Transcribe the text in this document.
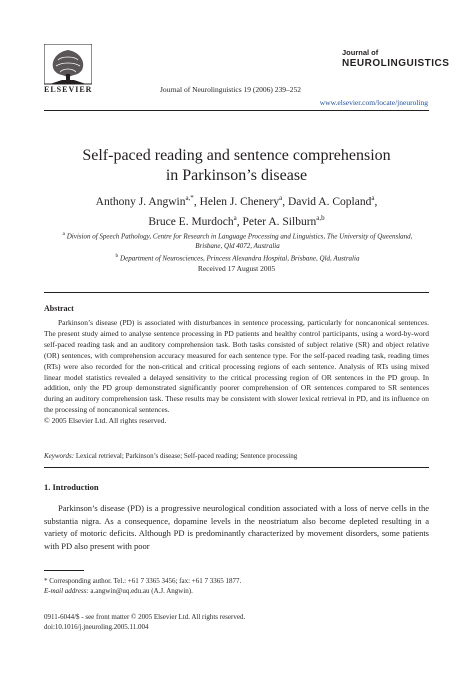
ELSEVIER	Journal of Neurolinguistics 19 (2006) 239–252
Journal of
NEUROLINGUISTICS
www.elsevier.com/locate/jneuroling
Self-paced reading and sentence comprehension
in Parkinson’s disease
Anthony J. Angwin$^{a,*}$, Helen J. Chenery$^a$, David A. Copland$^a$,
Bruce E. Murdoch$^a$, Peter A. Silburn$^{a,b}$
$^a$ Division of Speech Pathology, Centre for Research in Language Processing and Linguistics, The University of Queensland, Brisbane, Qld 4072, Australia
$^b$ Department of Neurosciences, Princess Alexandra Hospital, Brisbane, Qld, Australia
Received 17 August 2005
Abstract

Parkinson’s disease (PD) is associated with disturbances in sentence processing, particularly for noncanonical sentences. The present study aimed to analyse sentence processing in PD patients and healthy control participants, using a word-by-word self-paced reading task and an auditory comprehension task. Both tasks consisted of subject relative (SR) and object relative (OR) sentences, with comprehension accuracy measured for each sentence type. For the self-paced reading task, reading times (RTs) were also recorded for the non-critical and critical processing regions of each sentence. Analysis of RTs using mixed linear model statistics revealed a delayed sensitivity to the critical processing region of OR sentences in the PD group. In addition, only the PD group demonstrated significantly poorer comprehension of OR sentences compared to SR sentences during an auditory comprehension task. These results may be consistent with slower lexical retrieval in PD, and its influence on the processing of noncanonical sentences.

© 2005 Elsevier Ltd. All rights reserved.
Keywords: Lexical retrieval; Parkinson’s disease; Self-paced reading; Sentence processing
1. Introduction

Parkinson’s disease (PD) is a progressive neurological condition associated with a loss of nerve cells in the substantia nigra. As a consequence, dopamine levels in the neostriatum also become depleted resulting in a variety of motoric deficits. Although PD is predominantly characterized by movement disorders, some patients with PD also present with poor

* Corresponding author. Tel.: +61 7 3365 3456; fax: +61 7 3365 1877.
E-mail address: a.angwin@uq.edu.au (A.J. Angwin).
0911-6044/$ - see front matter © 2005 Elsevier Ltd. All rights reserved.
doi:10.1016/j.jneuroling.2005.11.004
